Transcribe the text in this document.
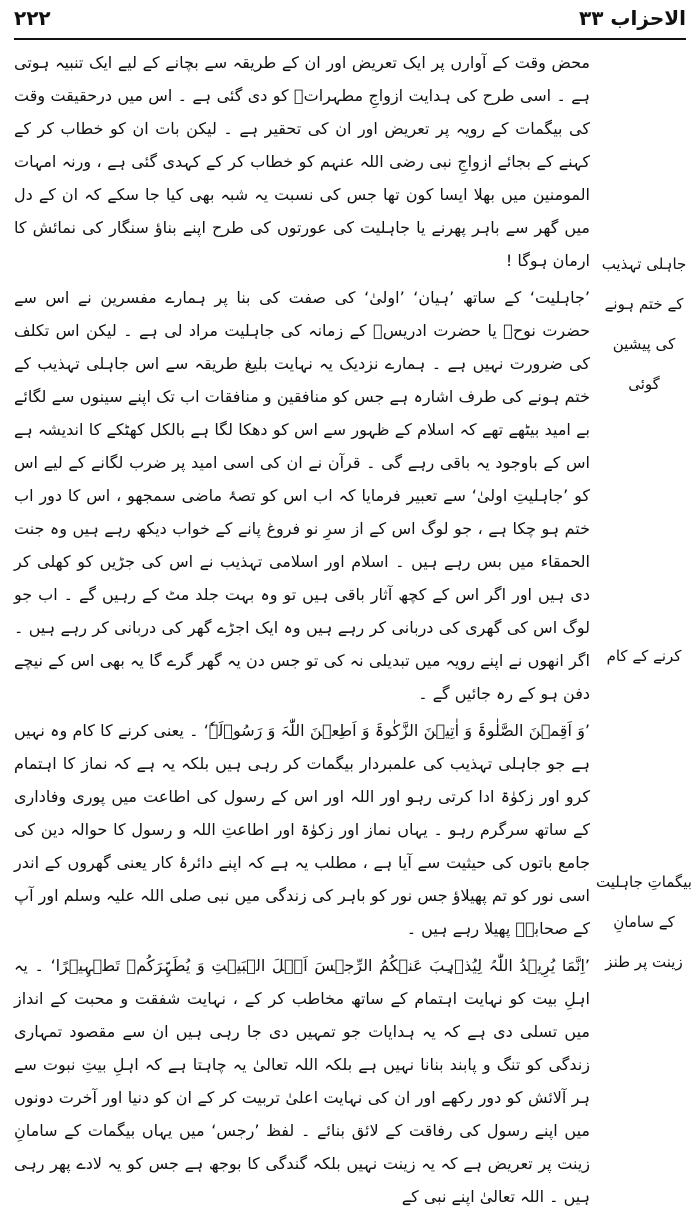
۲۲۲	الاحزاب ۳۳

محض وقت کے آوارں پر ایک تعریض اور ان کے طریقہ سے بچانے کے لیے ایک تنبیہ ہوتی ہے ۔ اسی طرح کی ہدایت ازواجِ مطہراتؓ کو دی گئی ہے ۔ اس میں درحقیقت وقت کی بیگمات کے رویہ پر تعریض اور ان کی تحقیر ہے ۔ لیکن بات ان کو خطاب کر کے کہنے کے بجائے ازواجِ نبی رضی اللہ عنہم کو خطاب کر کے کہدی گئی ہے ، ورنہ امہات المومنین میں بھلا ایسا کون تھا جس کی نسبت یہ شبہ بھی کیا جا سکے کہ ان کے دل میں گھر سے باہر پھرنے یا جاہلیت کی عورتوں کی طرح اپنے بناؤ سنگار کی نمائش کا ارمان ہوگا !

’جاہلیت‘ کے ساتھ ’ہیان‘ ’اولیٰ‘ کی صفت کی بنا پر ہمارے مفسرین نے اس سے حضرت نوحؑ یا حضرت ادریسؑ کے زمانہ کی جاہلیت مراد لی ہے ۔ لیکن اس تکلف کی ضرورت نہیں ہے ۔ ہمارے نزدیک یہ نہایت بلیغ طریقہ سے اس جاہلی تہذیب کے ختم ہونے کی طرف اشارہ ہے جس کو منافقین و منافقات اب تک اپنے سینوں سے لگائے بے امید بیٹھے تھے کہ اسلام کے ظہور سے اس کو دھکا لگا ہے بالکل کھٹکے کا اندیشہ ہے اس کے باوجود یہ باقی رہے گی ۔ قرآن نے ان کی اسی امید پر ضرب لگانے کے لیے اس کو ’جاہلیتِ اولیٰ‘ سے تعبیر فرمایا کہ اب اس کو تصۂ ماضی سمجھو ، اس کا دور اب ختم ہو چکا ہے ، جو لوگ اس کے از سرِ نو فروغ پانے کے خواب دیکھ رہے ہیں وہ جنت الحمقاء میں بس رہے ہیں ۔ اسلام اور اسلامی تہذیب نے اس کی جڑیں کو کھلی کر دی ہیں اور اگر اس کے کچھ آثار باقی ہیں تو وہ بہت جلد مٹ کے رہیں گے ۔ اب جو لوگ اس کی گھری کی دربانی کر رہے ہیں وہ ایک اجڑے گھر کی دربانی کر رہے ہیں ۔ اگر انھوں نے اپنے رویہ میں تبدیلی نہ کی تو جس دن یہ گھر گرے گا یہ بھی اس کے نیچے دفن ہو کے رہ جائیں گے ۔

’وَ اَقِمۡنَ الصَّلٰوۃَ وَ اٰتِیۡنَ الزَّکٰوۃَ وَ اَطِعۡنَ اللّٰہَ وَ رَسُوۡلَہٗ‘ ۔ یعنی کرنے کا کام وہ نہیں ہے جو جاہلی تہذیب کی علمبردار بیگمات کر رہی ہیں بلکہ یہ ہے کہ نماز کا اہتمام کرو اور زکوٰۃ ادا کرتی رہو اور اللہ اور اس کے رسول کی اطاعت میں پوری وفاداری کے ساتھ سرگرم رہو ۔ یہاں نماز اور زکوٰۃ اور اطاعتِ اللہ و رسول کا حوالہ دین کی جامع باتوں کی حیثیت سے آیا ہے ، مطلب یہ ہے کہ اپنے دائرۂ کار یعنی گھروں کے اندر اسی نور کو تم پھیلاؤ جس نور کو باہر کی زندگی میں نبی صلی اللہ علیہ وسلم اور آپ کے صحابہؓ پھیلا رہے ہیں ۔

’اِنَّمَا یُرِیۡدُ اللّٰہُ لِیُذۡہِبَ عَنۡکُمُ الرِّجۡسَ اَہۡلَ الۡبَیۡتِ وَ یُطَہِّرَکُمۡ تَطۡہِیۡرًا‘ ۔ یہ اہلِ بیت کو نہایت اہتمام کے ساتھ مخاطب کر کے ، نہایت شفقت و محبت کے انداز میں تسلی دی ہے کہ یہ ہدایات جو تمہیں دی جا رہی ہیں ان سے مقصود تمہاری زندگی کو تنگ و پابند بنانا نہیں ہے بلکہ اللہ تعالیٰ یہ چاہتا ہے کہ اہلِ بیتِ نبوت سے ہر آلائش کو دور رکھے اور ان کی نہایت اعلیٰ تربیت کر کے ان کو دنیا اور آخرت دونوں میں اپنے رسول کی رفاقت کے لائق بنائے ۔ لفظ ’رجس‘ میں یہاں بیگمات کے سامانِ زینت پر تعریض ہے کہ یہ زینت نہیں بلکہ گندگی کا بوجھ ہے جس کو یہ لادے پھر رہی ہیں ۔ اللہ تعالیٰ اپنے نبی کے

جاہلی تہذیب کے ختم ہونے کی پیشین گوئی
کرنے کے کام
بیگماتِ جاہلیت کے سامانِ زینت پر طنز
